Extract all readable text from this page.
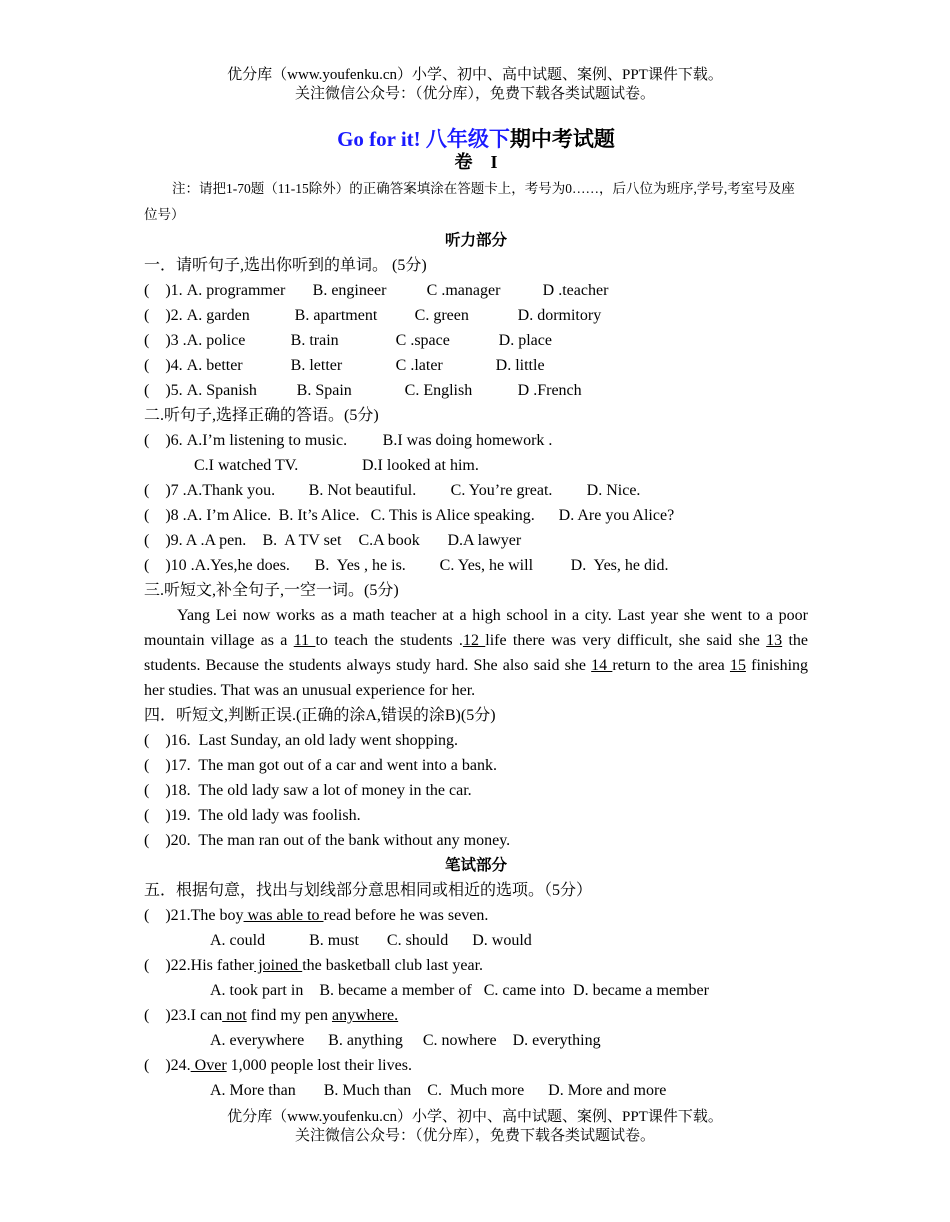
优分库（www.youfenku.cn）小学、初中、高中试题、案例、PPT课件下载。
关注微信公众号：（优分库），免费下载各类试题试卷。
Go for it! 八年级下期中考试题
卷　I
注：请把1-70题（11-15除外）的正确答案填涂在答题卡上，考号为0……，后八位为班序,学号,考室号及座位号）
听力部分
一．请听句子,选出你听到的单词。 (5分)
(    )1. A. programmer B. engineer	C .manager	D .teacher
(    )2. A. garden	B. apartment C. green	D. dormitory
(    )3 .A. police	B. train	C .space	D. place
(    )4. A. better	B. letter	C .later	D. little
(    )5. A. Spanish B. Spain	C. English	D .French
二.听句子,选择正确的答语。(5分)
(    )6. A.I’m listening to music. B.I was doing homework .
C.I watched TV.	D.I looked at him.
(    )7 .A.Thank you. B. Not beautiful. C. You’re great. D. Nice.
(    )8 .A. I’m Alice. B. It’s Alice. C. This is Alice speaking. D. Are you Alice?
(    )9. A .A pen. B.  A TV set C.A book D.A lawyer
(    )10 .A.Yes,he does. B.  Yes , he is. C. Yes, he will D.  Yes, he did.
三.听短文,补全句子,一空一词。(5分)
Yang Lei now works as a math teacher at a high school in a city. Last year she went to a poor mountain village as a 11 to teach the students .12 life there was very difficult, she said she 13 the students. Because the students always study hard. She also said she 14 return to the area 15 finishing her studies. That was an unusual experience for her.
四．听短文,判断正误.(正确的涂A,错误的涂B)(5分)
(    )16. Last Sunday, an old lady went shopping.
(    )17. The man got out of a car and went into a bank.
(    )18. The old lady saw a lot of money in the car.
(    )19. The old lady was foolish.
(    )20. The man ran out of the bank without any money.
笔试部分
五．根据句意，找出与划线部分意思相同或相近的选项。（5分）
(    )21.The boy was able to read before he was seven.
A. could           B. must       C. should      D. would
(    )22.His father joined the basketball club last year.
A. took part in    B. became a member of   C. came into  D. became a member
(    )23.I can not find my pen anywhere.
A. everywhere      B. anything     C. nowhere    D. everything
(    )24. Over 1,000 people lost their lives.
A. More than       B. Much than    C.  Much more      D. More and more
优分库（www.youfenku.cn）小学、初中、高中试题、案例、PPT课件下载。
关注微信公众号：（优分库），免费下载各类试题试卷。
